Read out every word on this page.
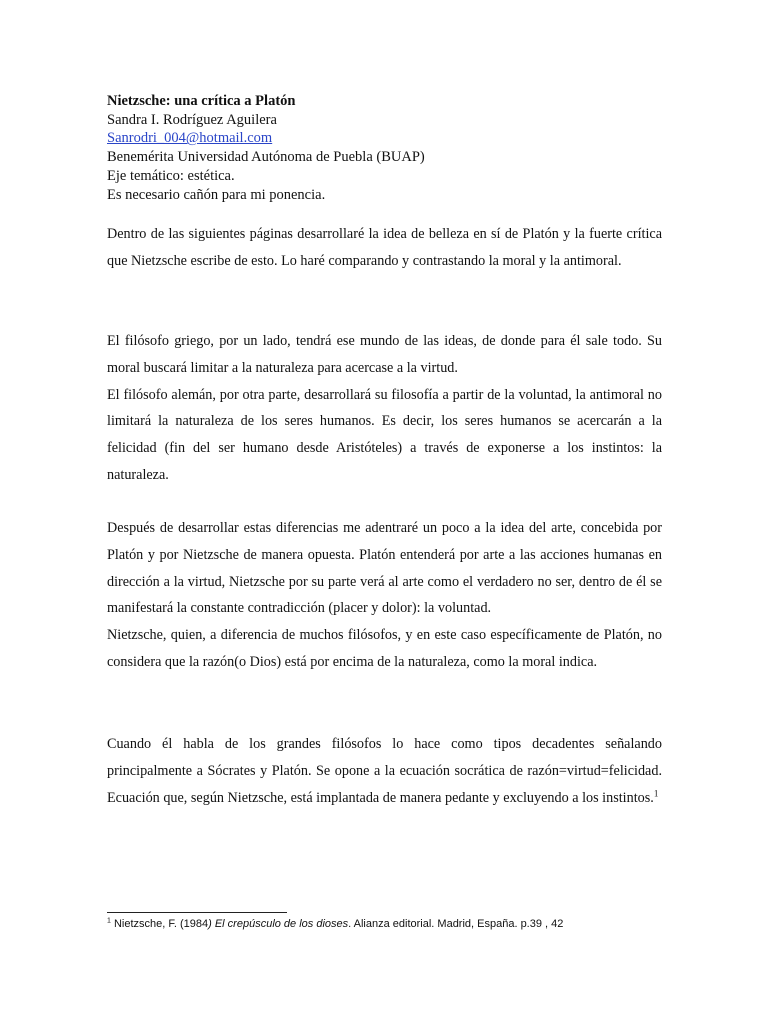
Nietzsche: una crítica a Platón
Sandra I. Rodríguez Aguilera
Sanrodri_004@hotmail.com
Benemérita Universidad Autónoma de Puebla (BUAP)
Eje temático: estética.
Es necesario cañón para mi ponencia.

Dentro de las siguientes páginas desarrollaré la idea de belleza en sí de Platón y la fuerte crítica que Nietzsche escribe de esto. Lo haré comparando y contrastando la moral y la antimoral.

El filósofo griego, por un lado, tendrá ese mundo de las ideas, de donde para él sale todo. Su moral buscará limitar a la naturaleza para acercase a la virtud.

El filósofo alemán, por otra parte, desarrollará su filosofía a partir de la voluntad, la antimoral no limitará la naturaleza de los seres humanos. Es decir, los seres humanos se acercarán a la felicidad (fin del ser humano desde Aristóteles) a través de exponerse a los instintos: la naturaleza.

Después de desarrollar estas diferencias me adentraré un poco a la idea del arte, concebida por Platón y por Nietzsche de manera opuesta. Platón entenderá por arte a las acciones humanas en dirección a la virtud, Nietzsche por su parte verá al arte como el verdadero no ser, dentro de él se manifestará la constante contradicción (placer y dolor): la voluntad.

Nietzsche, quien, a diferencia de muchos filósofos, y en este caso específicamente de Platón, no considera que la razón(o Dios) está por encima de la naturaleza, como la moral indica.

Cuando él habla de los grandes filósofos lo hace como tipos decadentes señalando principalmente a Sócrates y Platón. Se opone a la ecuación socrática de razón=virtud=felicidad. Ecuación que, según Nietzsche, está implantada de manera pedante y excluyendo a los instintos.$^1$

$^1$ Nietzsche, F. (1984) El crepúsculo de los dioses. Alianza editorial. Madrid, España. p.39 , 42
